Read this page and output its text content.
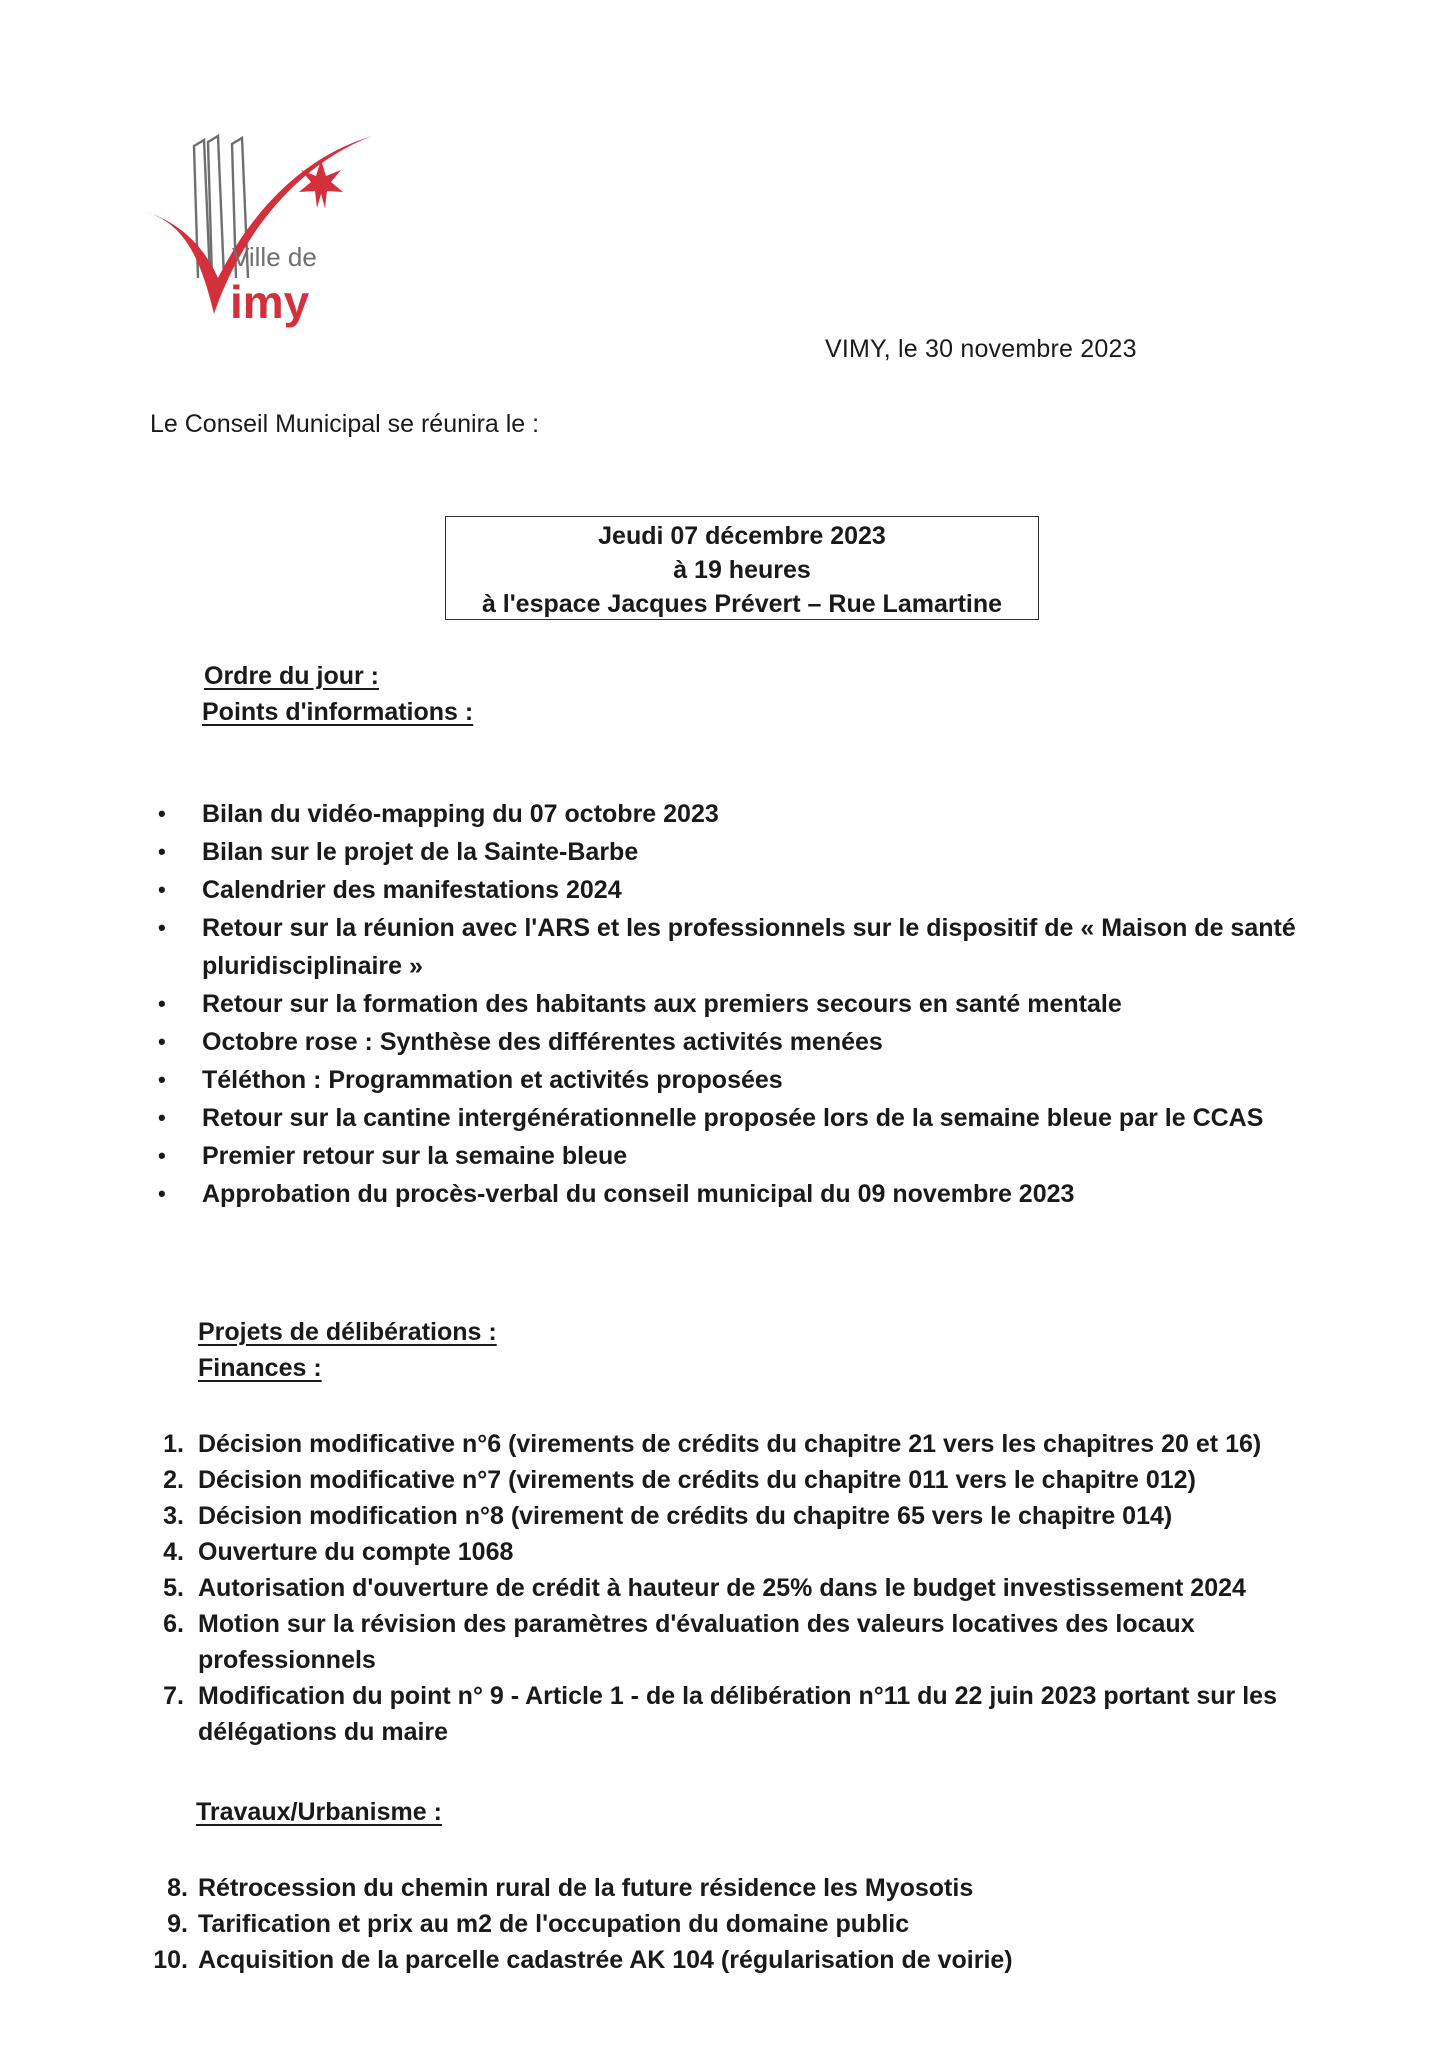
Ville de
imy
VIMY, le 30 novembre 2023
Le Conseil Municipal se réunira le :
Jeudi 07 décembre 2023
à 19 heures
à l'espace Jacques Prévert – Rue Lamartine
Ordre du jour :
Points d'informations :
• Bilan du vidéo-mapping du 07 octobre 2023
• Bilan sur le projet de la Sainte-Barbe
• Calendrier des manifestations 2024
• Retour sur la réunion avec l'ARS et les professionnels sur le dispositif de « Maison de santé pluridisciplinaire »
• Retour sur la formation des habitants aux premiers secours en santé mentale
• Octobre rose : Synthèse des différentes activités menées
• Téléthon : Programmation et activités proposées
• Retour sur la cantine intergénérationnelle proposée lors de la semaine bleue par le CCAS
• Premier retour sur la semaine bleue
• Approbation du procès-verbal du conseil municipal du 09 novembre 2023
Projets de délibérations :
Finances :
1. Décision modificative n°6 (virements de crédits du chapitre 21 vers les chapitres 20 et 16)
2. Décision modificative n°7 (virements de crédits du chapitre 011 vers le chapitre 012)
3. Décision modification n°8 (virement de crédits du chapitre 65 vers le chapitre 014)
4. Ouverture du compte 1068
5. Autorisation d'ouverture de crédit à hauteur de 25% dans le budget investissement 2024
6. Motion sur la révision des paramètres d'évaluation des valeurs locatives des locaux professionnels
7. Modification du point n° 9 - Article 1 - de la délibération n°11 du 22 juin 2023 portant sur les délégations du maire
Travaux/Urbanisme :
8. Rétrocession du chemin rural de la future résidence les Myosotis
9. Tarification et prix au m2 de l'occupation du domaine public
10. Acquisition de la parcelle cadastrée AK 104 (régularisation de voirie)
